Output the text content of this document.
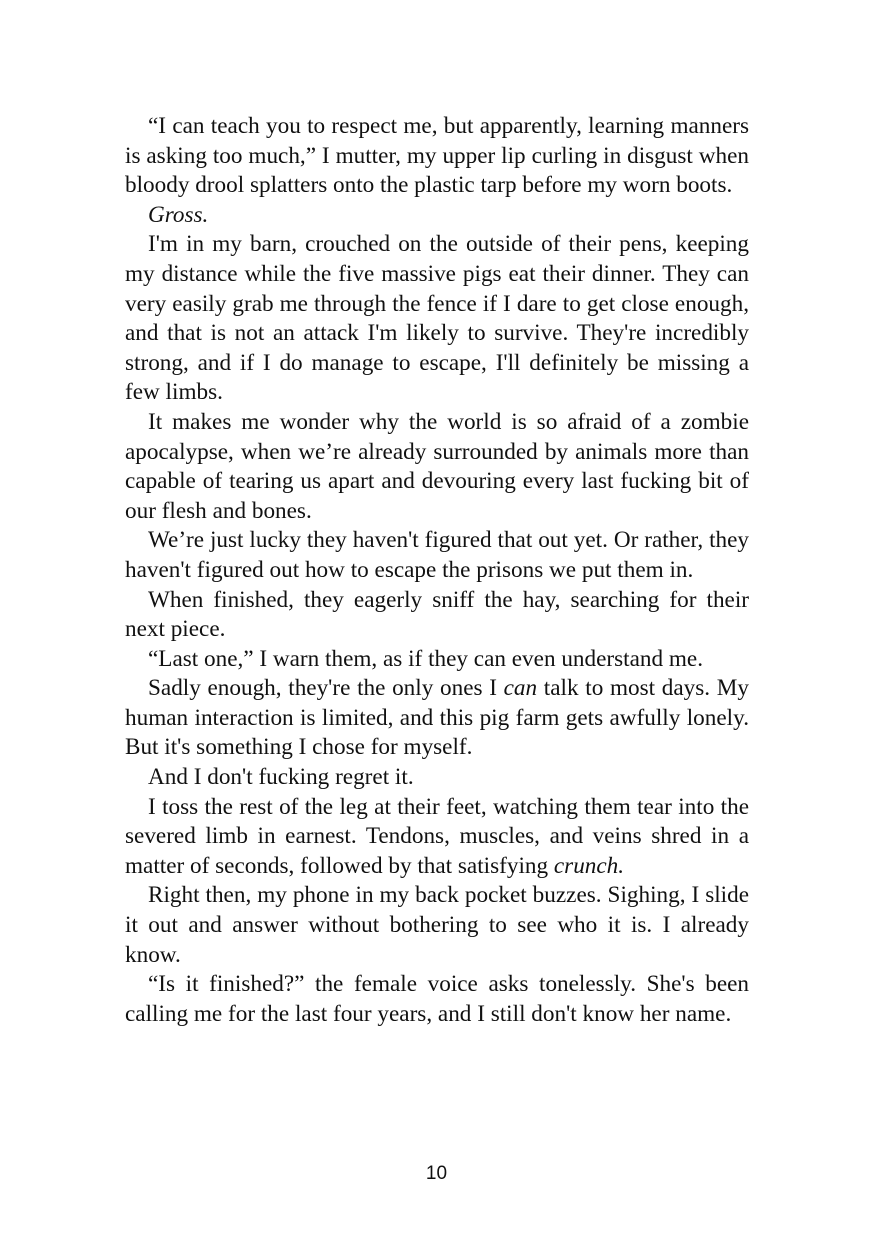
“I can teach you to respect me, but apparently, learning manners is asking too much,” I mutter, my upper lip curling in disgust when bloody drool splatters onto the plastic tarp before my worn boots.

Gross.

I'm in my barn, crouched on the outside of their pens, keeping my distance while the five massive pigs eat their dinner. They can very easily grab me through the fence if I dare to get close enough, and that is not an attack I'm likely to survive. They're incredibly strong, and if I do manage to escape, I'll definitely be missing a few limbs.

It makes me wonder why the world is so afraid of a zombie apocalypse, when we’re already surrounded by animals more than capable of tearing us apart and devouring every last fucking bit of our flesh and bones.

We’re just lucky they haven't figured that out yet. Or rather, they haven't figured out how to escape the prisons we put them in.

When finished, they eagerly sniff the hay, searching for their next piece.

“Last one,” I warn them, as if they can even understand me.

Sadly enough, they're the only ones I can talk to most days. My human interaction is limited, and this pig farm gets awfully lonely. But it's something I chose for myself.

And I don't fucking regret it.

I toss the rest of the leg at their feet, watching them tear into the severed limb in earnest. Tendons, muscles, and veins shred in a matter of seconds, followed by that satisfying crunch.

Right then, my phone in my back pocket buzzes. Sighing, I slide it out and answer without bothering to see who it is. I already know.

“Is it finished?” the female voice asks tonelessly. She's been calling me for the last four years, and I still don't know her name.

10
